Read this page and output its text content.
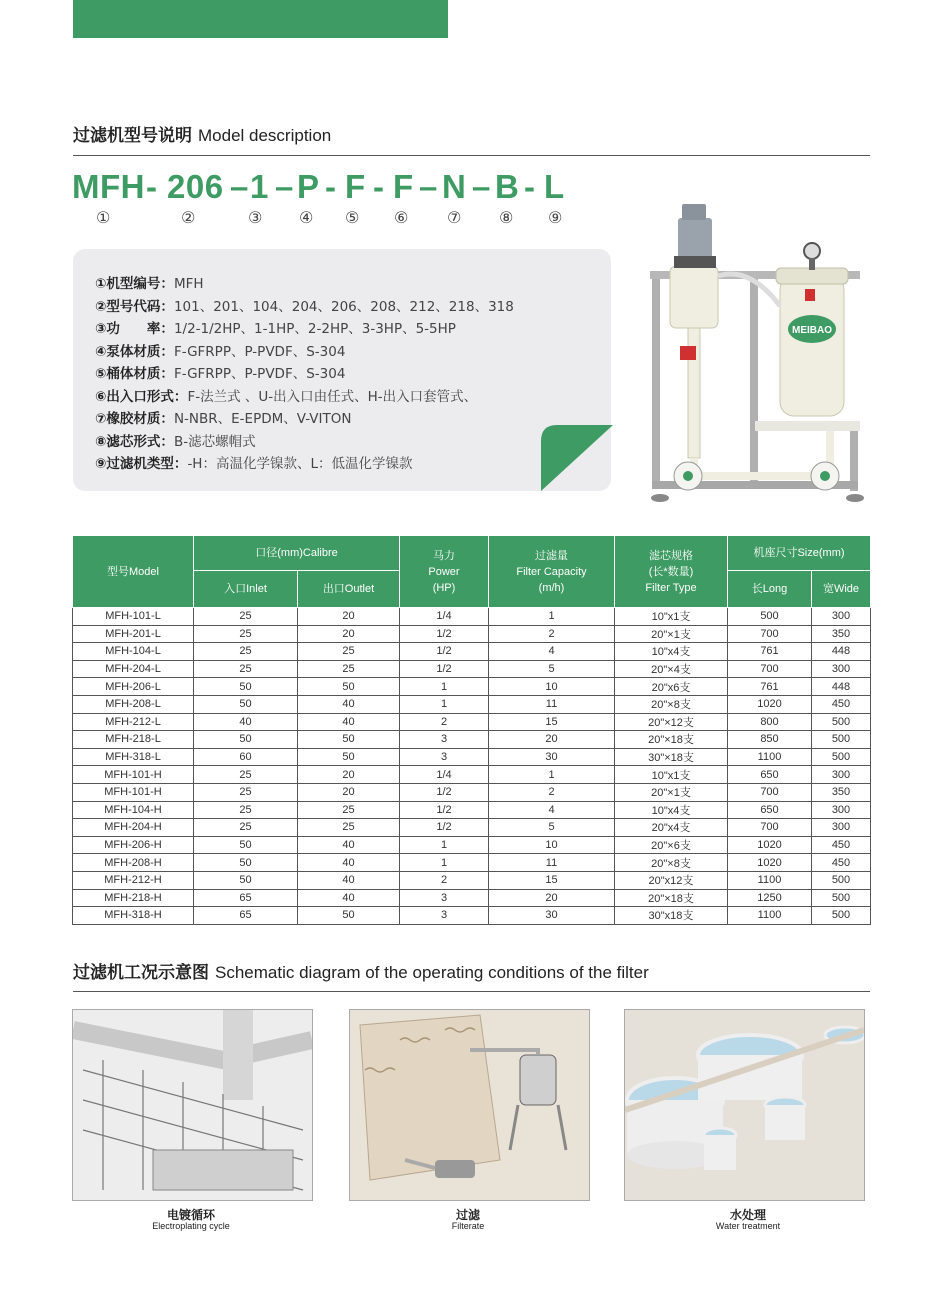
过滤机型号说明 Model description
MFH - 206 – 1 – P - F - F – N – B - L
①	②	③ ④ ⑤ ⑥ ⑦ ⑧ ⑨
①机型编号：MFH
②型号代码：101、201、104、204、206、208、212、218、318
③功　　率：1/2-1/2HP、1-1HP、2-2HP、3-3HP、5-5HP
④泵体材质：F-GFRPP、P-PVDF、S-304
⑤桶体材质：F-GFRPP、P-PVDF、S-304
⑥出入口形式：F-法兰式 、U-出入口由任式、H-出入口套管式、
⑦橡胶材质：N-NBR、E-EPDM、V-VITON
⑧滤芯形式：B-滤芯螺帽式
⑨过滤机类型：-H：高温化学镍款、L：低温化学镍款
MEIBAO
型号Model	口径(mm)Calibre		马力
Power
(HP)	过滤量
Filter Capacity
(m/h)	滤芯规格
(长*数量)
Filter Type	机座尺寸Size(mm)	
	入口Inlet	出口Outlet				长Long	宽Wide
MFH-101-L	25	20	1/4	1	10"x1支	500	300
MFH-201-L	25	20	1/2	2	20"×1支	700	350
MFH-104-L	25	25	1/2	4	10"x4支	761	448
MFH-204-L	25	25	1/2	5	20"×4支	700	300
MFH-206-L	50	50	1	10	20"x6支	761	448
MFH-208-L	50	40	1	11	20"×8支	1020	450
MFH-212-L	40	40	2	15	20"×12支	800	500
MFH-218-L	50	50	3	20	20"×18支	850	500
MFH-318-L	60	50	3	30	30"×18支	1100	500
MFH-101-H	25	20	1/4	1	10"x1支	650	300
MFH-101-H	25	20	1/2	2	20"×1支	700	350
MFH-104-H	25	25	1/2	4	10"x4支	650	300
MFH-204-H	25	25	1/2	5	20"x4支	700	300
MFH-206-H	50	40	1	10	20"×6支	1020	450
MFH-208-H	50	40	1	11	20"×8支	1020	450
MFH-212-H	50	40	2	15	20"x12支	1100	500
MFH-218-H	65	40	3	20	20"×18支	1250	500
MFH-318-H	65	50	3	30	30"x18支	1100	500
过滤机工况示意图 Schematic diagram of the operating conditions of the filter
电镀循环
Electroplating cycle
过滤
Filterate
水处理
Water treatment
